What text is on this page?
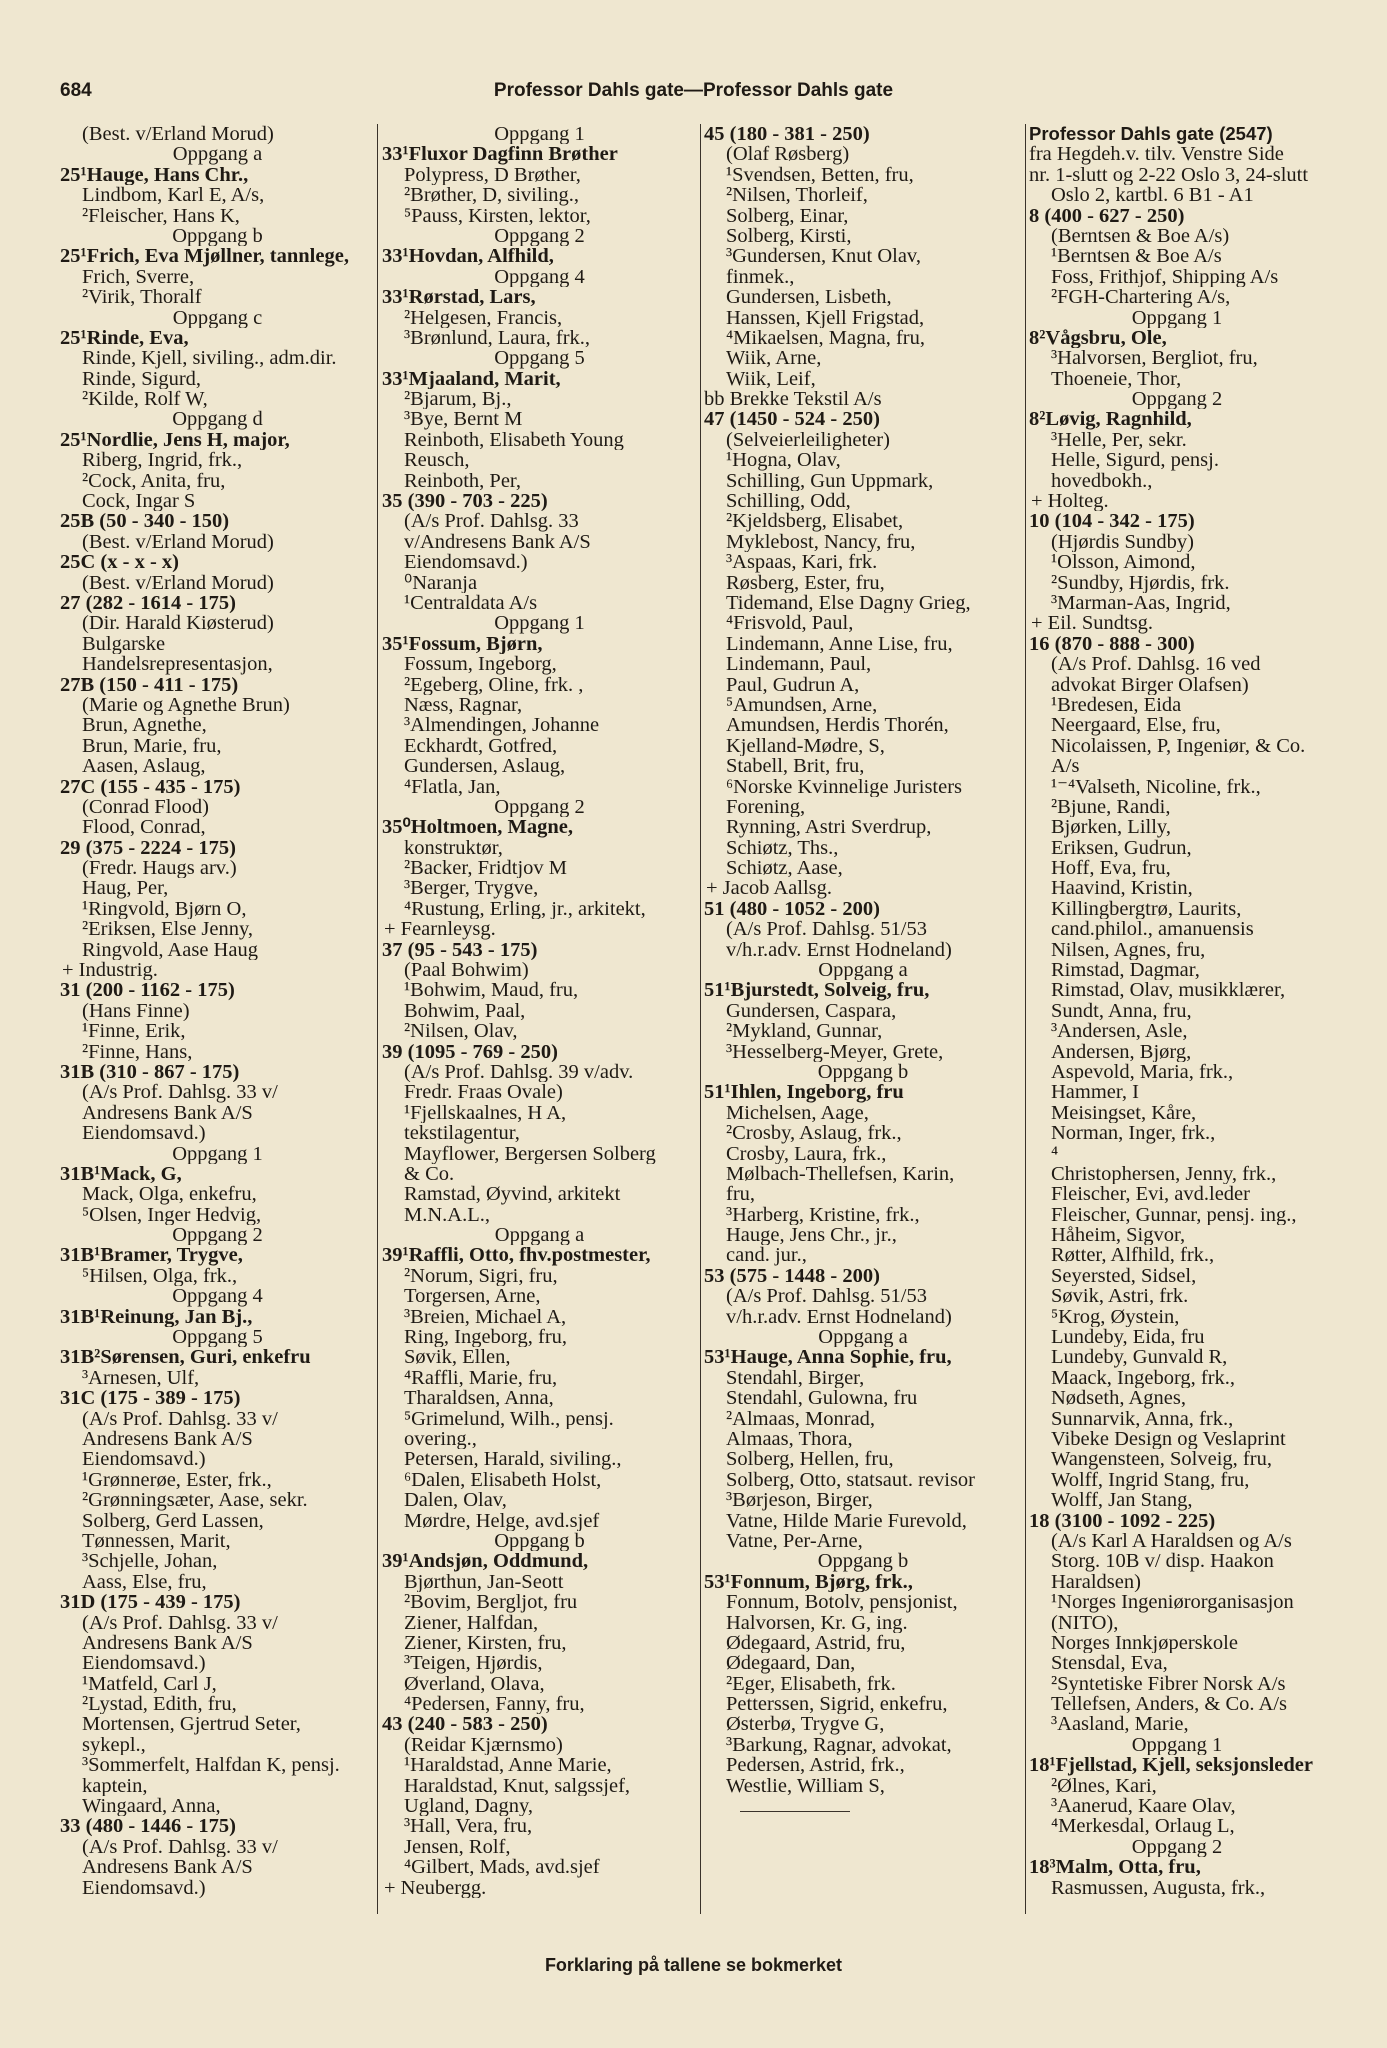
684	Professor Dahls gate—Professor Dahls gate
(Best. v/Erland Morud)
Oppgang a
25¹Hauge, Hans Chr.,
Lindbom, Karl E, A/s,
²Fleischer, Hans K,
Oppgang b
25¹Frich, Eva Mjøllner, tannlege,
Frich, Sverre,
²Virik, Thoralf
Oppgang c
25¹Rinde, Eva,
Rinde, Kjell, siviling., adm.dir.
Rinde, Sigurd,
²Kilde, Rolf W,
Oppgang d
25¹Nordlie, Jens H, major,
Riberg, Ingrid, frk.,
²Cock, Anita, fru,
Cock, Ingar S
25B (50 - 340 - 150)
(Best. v/Erland Morud)
25C (x - x - x)
(Best. v/Erland Morud)
27 (282 - 1614 - 175)
(Dir. Harald Kiøsterud)
Bulgarske
Handelsrepresentasjon,
27B (150 - 411 - 175)
(Marie og Agnethe Brun)
Brun, Agnethe,
Brun, Marie, fru,
Aasen, Aslaug,
27C (155 - 435 - 175)
(Conrad Flood)
Flood, Conrad,
29 (375 - 2224 - 175)
(Fredr. Haugs arv.)
Haug, Per,
¹Ringvold, Bjørn O,
²Eriksen, Else Jenny,
Ringvold, Aase Haug
+ Industrig.
31 (200 - 1162 - 175)
(Hans Finne)
¹Finne, Erik,
²Finne, Hans,
31B (310 - 867 - 175)
(A/s Prof. Dahlsg. 33 v/
Andresens Bank A/S
Eiendomsavd.)
Oppgang 1
31B¹Mack, G,
Mack, Olga, enkefru,
⁵Olsen, Inger Hedvig,
Oppgang 2
31B¹Bramer, Trygve,
⁵Hilsen, Olga, frk.,
Oppgang 4
31B¹Reinung, Jan Bj.,
Oppgang 5
31B²Sørensen, Guri, enkefru
³Arnesen, Ulf,
31C (175 - 389 - 175)
(A/s Prof. Dahlsg. 33 v/
Andresens Bank A/S
Eiendomsavd.)
¹Grønnerøe, Ester, frk.,
²Grønningsæter, Aase, sekr.
Solberg, Gerd Lassen,
Tønnessen, Marit,
³Schjelle, Johan,
Aass, Else, fru,
31D (175 - 439 - 175)
(A/s Prof. Dahlsg. 33 v/
Andresens Bank A/S
Eiendomsavd.)
¹Matfeld, Carl J,
²Lystad, Edith, fru,
Mortensen, Gjertrud Seter,
sykepl.,
³Sommerfelt, Halfdan K, pensj.
kaptein,
Wingaard, Anna,
33 (480 - 1446 - 175)
(A/s Prof. Dahlsg. 33 v/
Andresens Bank A/S
Eiendomsavd.)
Oppgang 1
33¹Fluxor Dagfinn Brøther
Polypress, D Brøther,
²Brøther, D, siviling.,
⁵Pauss, Kirsten, lektor,
Oppgang 2
33¹Hovdan, Alfhild,
Oppgang 4
33¹Rørstad, Lars,
²Helgesen, Francis,
³Brønlund, Laura, frk.,
Oppgang 5
33¹Mjaaland, Marit,
²Bjarum, Bj.,
³Bye, Bernt M
Reinboth, Elisabeth Young
Reusch,
Reinboth, Per,
35 (390 - 703 - 225)
(A/s Prof. Dahlsg. 33
v/Andresens Bank A/S
Eiendomsavd.)
⁰Naranja
¹Centraldata A/s
Oppgang 1
35¹Fossum, Bjørn,
Fossum, Ingeborg,
²Egeberg, Oline, frk. ,
Næss, Ragnar,
³Almendingen, Johanne
Eckhardt, Gotfred,
Gundersen, Aslaug,
⁴Flatla, Jan,
Oppgang 2
35⁰Holtmoen, Magne,
konstruktør,
²Backer, Fridtjov M
³Berger, Trygve,
⁴Rustung, Erling, jr., arkitekt,
+ Fearnleysg.
37 (95 - 543 - 175)
(Paal Bohwim)
¹Bohwim, Maud, fru,
Bohwim, Paal,
²Nilsen, Olav,
39 (1095 - 769 - 250)
(A/s Prof. Dahlsg. 39 v/adv.
Fredr. Fraas Ovale)
¹Fjellskaalnes, H A,
tekstilagentur,
Mayflower, Bergersen Solberg
& Co.
Ramstad, Øyvind, arkitekt
M.N.A.L.,
Oppgang a
39¹Raffli, Otto, fhv.postmester,
²Norum, Sigri, fru,
Torgersen, Arne,
³Breien, Michael A,
Ring, Ingeborg, fru,
Søvik, Ellen,
⁴Raffli, Marie, fru,
Tharaldsen, Anna,
⁵Grimelund, Wilh., pensj.
overing.,
Petersen, Harald, siviling.,
⁶Dalen, Elisabeth Holst,
Dalen, Olav,
Mørdre, Helge, avd.sjef
Oppgang b
39¹Andsjøn, Oddmund,
Bjørthun, Jan-Seott
²Bovim, Bergljot, fru
Ziener, Halfdan,
Ziener, Kirsten, fru,
³Teigen, Hjørdis,
Øverland, Olava,
⁴Pedersen, Fanny, fru,
43 (240 - 583 - 250)
(Reidar Kjærnsmo)
¹Haraldstad, Anne Marie,
Haraldstad, Knut, salgssjef,
Ugland, Dagny,
³Hall, Vera, fru,
Jensen, Rolf,
⁴Gilbert, Mads, avd.sjef
+ Neubergg.
45 (180 - 381 - 250)
(Olaf Røsberg)
¹Svendsen, Betten, fru,
²Nilsen, Thorleif,
Solberg, Einar,
Solberg, Kirsti,
³Gundersen, Knut Olav,
finmek.,
Gundersen, Lisbeth,
Hanssen, Kjell Frigstad,
⁴Mikaelsen, Magna, fru,
Wiik, Arne,
Wiik, Leif,
bb Brekke Tekstil A/s
47 (1450 - 524 - 250)
(Selveierleiligheter)
¹Hogna, Olav,
Schilling, Gun Uppmark,
Schilling, Odd,
²Kjeldsberg, Elisabet,
Myklebost, Nancy, fru,
³Aspaas, Kari, frk.
Røsberg, Ester, fru,
Tidemand, Else Dagny Grieg,
⁴Frisvold, Paul,
Lindemann, Anne Lise, fru,
Lindemann, Paul,
Paul, Gudrun A,
⁵Amundsen, Arne,
Amundsen, Herdis Thorén,
Kjelland-Mødre, S,
Stabell, Brit, fru,
⁶Norske Kvinnelige Juristers
Forening,
Rynning, Astri Sverdrup,
Schiøtz, Ths.,
Schiøtz, Aase,
+ Jacob Aallsg.
51 (480 - 1052 - 200)
(A/s Prof. Dahlsg. 51/53
v/h.r.adv. Ernst Hodneland)
Oppgang a
51¹Bjurstedt, Solveig, fru,
Gundersen, Caspara,
²Mykland, Gunnar,
³Hesselberg-Meyer, Grete,
Oppgang b
51¹Ihlen, Ingeborg, fru
Michelsen, Aage,
²Crosby, Aslaug, frk.,
Crosby, Laura, frk.,
Mølbach-Thellefsen, Karin,
fru,
³Harberg, Kristine, frk.,
Hauge, Jens Chr., jr.,
cand. jur.,
53 (575 - 1448 - 200)
(A/s Prof. Dahlsg. 51/53
v/h.r.adv. Ernst Hodneland)
Oppgang a
53¹Hauge, Anna Sophie, fru,
Stendahl, Birger,
Stendahl, Gulowna, fru
²Almaas, Monrad,
Almaas, Thora,
Solberg, Hellen, fru,
Solberg, Otto, statsaut. revisor
³Børjeson, Birger,
Vatne, Hilde Marie Furevold,
Vatne, Per-Arne,
Oppgang b
53¹Fonnum, Bjørg, frk.,
Fonnum, Botolv, pensjonist,
Halvorsen, Kr. G, ing.
Ødegaard, Astrid, fru,
Ødegaard, Dan,
²Eger, Elisabeth, frk.
Petterssen, Sigrid, enkefru,
Østerbø, Trygve G,
³Barkung, Ragnar, advokat,
Pedersen, Astrid, frk.,
Westlie, William S,
Professor Dahls gate (2547)
fra Hegdeh.v. tilv. Venstre Side
nr. 1-slutt og 2-22 Oslo 3, 24-slutt
Oslo 2, kartbl. 6 B1 - A1
8 (400 - 627 - 250)
(Berntsen & Boe A/s)
¹Berntsen & Boe A/s
Foss, Frithjof, Shipping A/s
²FGH-Chartering A/s,
Oppgang 1
8²Vågsbru, Ole,
³Halvorsen, Bergliot, fru,
Thoeneie, Thor,
Oppgang 2
8²Løvig, Ragnhild,
³Helle, Per, sekr.
Helle, Sigurd, pensj.
hovedbokh.,
+ Holteg.
10 (104 - 342 - 175)
(Hjørdis Sundby)
¹Olsson, Aimond,
²Sundby, Hjørdis, frk.
³Marman-Aas, Ingrid,
+ Eil. Sundtsg.
16 (870 - 888 - 300)
(A/s Prof. Dahlsg. 16 ved
advokat Birger Olafsen)
¹Bredesen, Eida
Neergaard, Else, fru,
Nicolaissen, P, Ingeniør, & Co.
A/s
¹⁻⁴Valseth, Nicoline, frk.,
²Bjune, Randi,
Bjørken, Lilly,
Eriksen, Gudrun,
Hoff, Eva, fru,
Haavind, Kristin,
Killingbergtrø, Laurits,
cand.philol., amanuensis
Nilsen, Agnes, fru,
Rimstad, Dagmar,
Rimstad, Olav, musikklærer,
Sundt, Anna, fru,
³Andersen, Asle,
Andersen, Bjørg,
Aspevold, Maria, frk.,
Hammer, I
Meisingset, Kåre,
Norman, Inger, frk.,
⁴
Christophersen, Jenny, frk.,
Fleischer, Evi, avd.leder
Fleischer, Gunnar, pensj. ing.,
Håheim, Sigvor,
Røtter, Alfhild, frk.,
Seyersted, Sidsel,
Søvik, Astri, frk.
⁵Krog, Øystein,
Lundeby, Eida, fru
Lundeby, Gunvald R,
Maack, Ingeborg, frk.,
Nødseth, Agnes,
Sunnarvik, Anna, frk.,
Vibeke Design og Veslaprint
Wangensteen, Solveig, fru,
Wolff, Ingrid Stang, fru,
Wolff, Jan Stang,
18 (3100 - 1092 - 225)
(A/s Karl A Haraldsen og A/s
Storg. 10B v/ disp. Haakon
Haraldsen)
¹Norges Ingeniørorganisasjon
(NITO),
Norges Innkjøperskole
Stensdal, Eva,
²Syntetiske Fibrer Norsk A/s
Tellefsen, Anders, & Co. A/s
³Aasland, Marie,
Oppgang 1
18¹Fjellstad, Kjell, seksjonsleder
²Ølnes, Kari,
³Aanerud, Kaare Olav,
⁴Merkesdal, Orlaug L,
Oppgang 2
18³Malm, Otta, fru,
Rasmussen, Augusta, frk.,
Forklaring på tallene se bokmerket
